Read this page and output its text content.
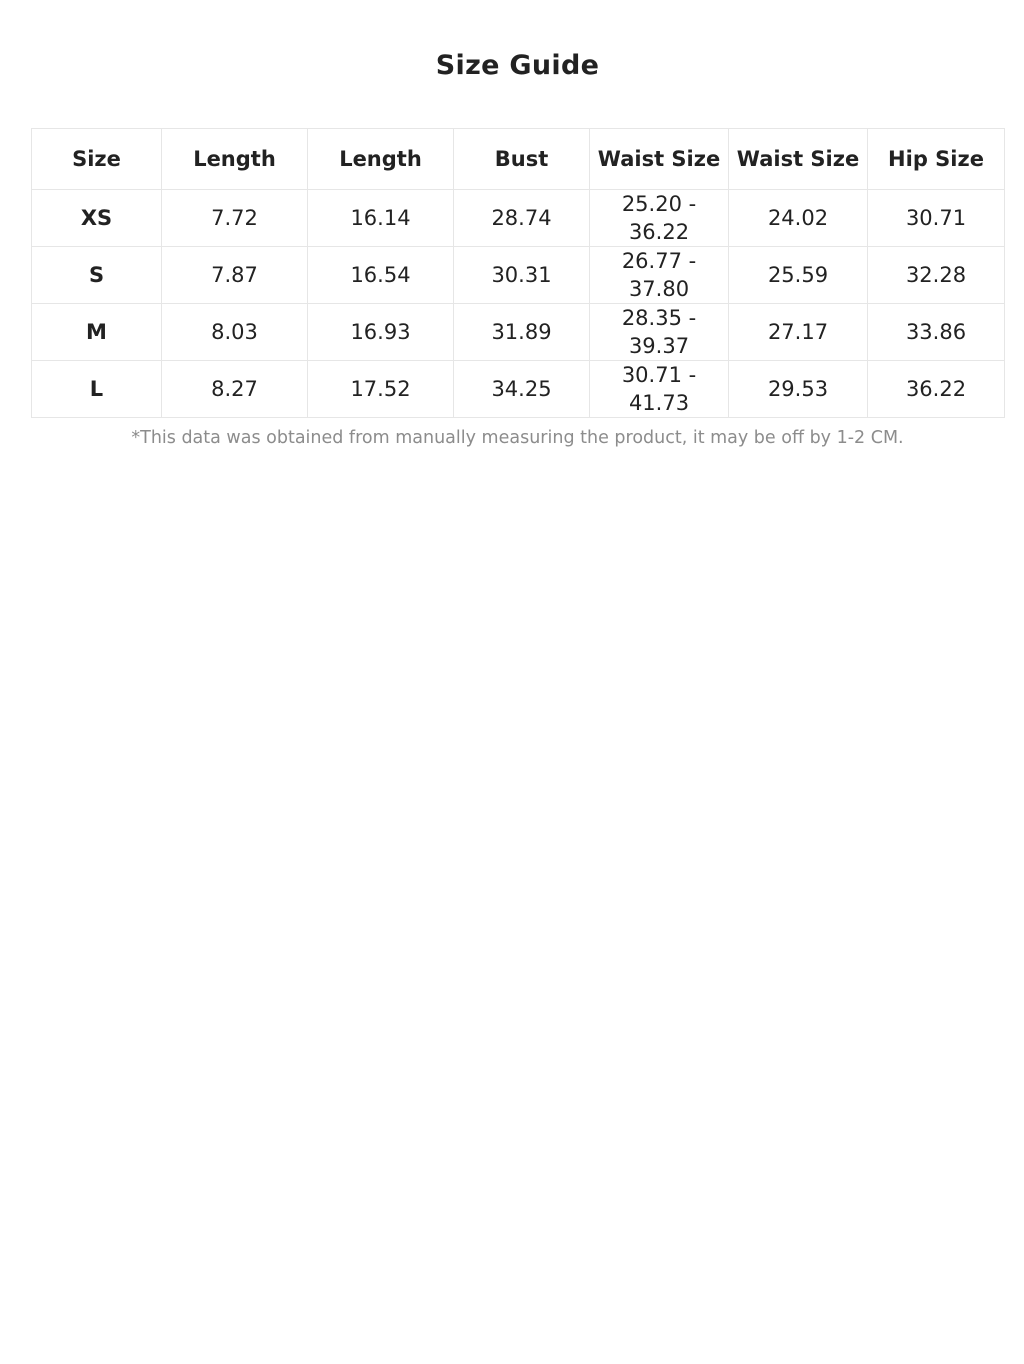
Size Guide
Size	Length	Length	Bust	Waist Size	Waist Size	Hip Size
XS	7.72	16.14	28.74	25.20 - 36.22	24.02	30.71
S	7.87	16.54	30.31	26.77 - 37.80	25.59	32.28
M	8.03	16.93	31.89	28.35 - 39.37	27.17	33.86
L	8.27	17.52	34.25	30.71 - 41.73	29.53	36.22

*This data was obtained from manually measuring the product, it may be off by 1-2 CM.
